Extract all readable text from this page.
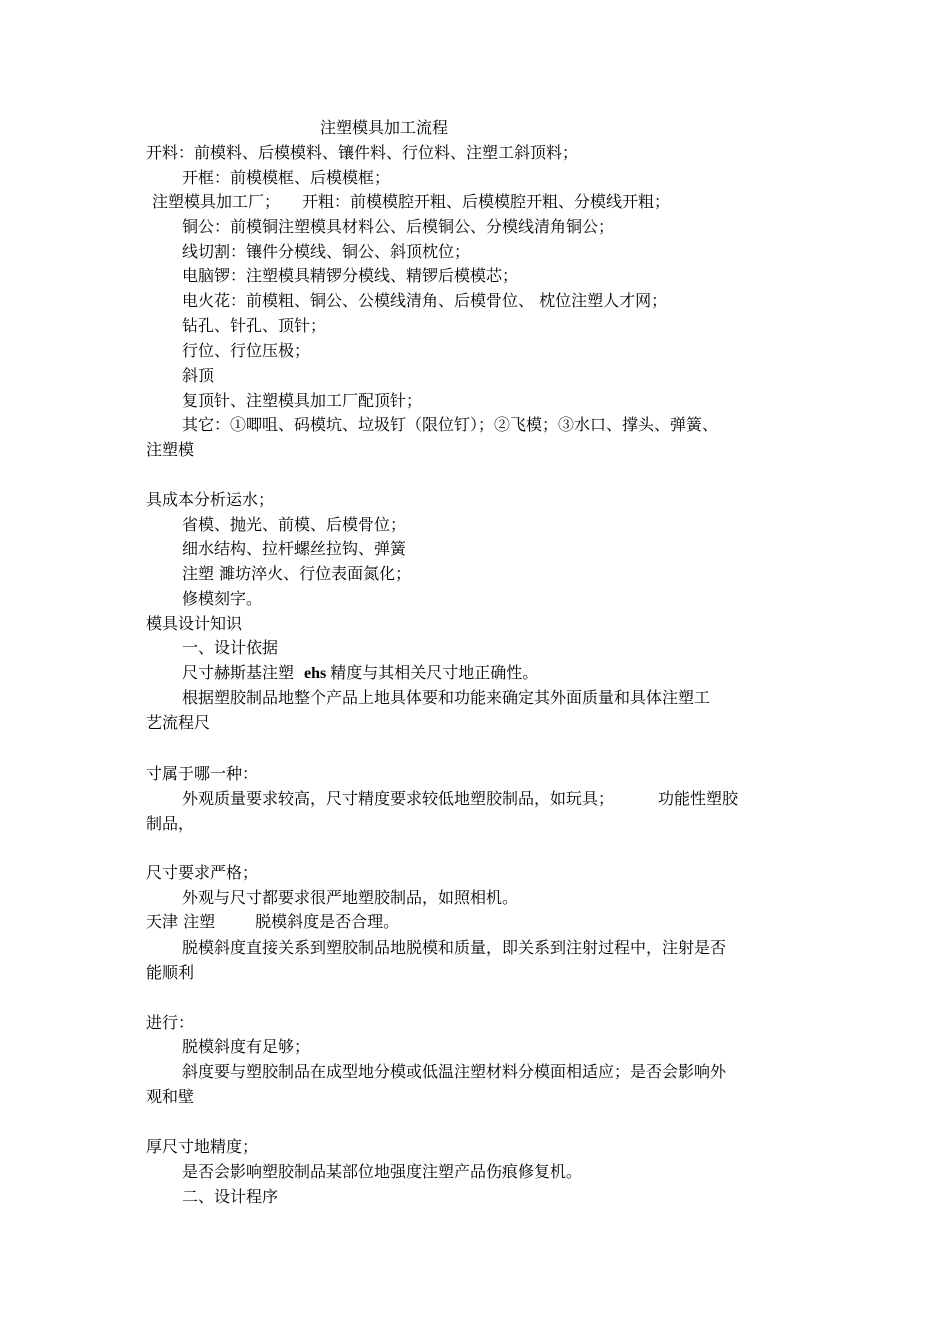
注塑模具加工流程
开料：前模料、后模模料、镶件料、行位料、注塑工斜顶料；
开框：前模模框、后模模框；
注塑模具加工厂； 开粗：前模模腔开粗、后模模腔开粗、分模线开粗；
铜公：前模铜注塑模具材料公、后模铜公、分模线清角铜公；
线切割：镶件分模线、铜公、斜顶枕位；
电脑锣：注塑模具精锣分模线、精锣后模模芯；
电火花：前模粗、铜公、公模线清角、后模骨位、 枕位注塑人才网；
钻孔、针孔、顶针；
行位、行位压极；
斜顶
复顶针、注塑模具加工厂配顶针；
其它：①唧咀、码模坑、垃圾钉（限位钉）；②飞模；③水口、撑头、弹簧、
注塑模
具成本分析运水；
省模、抛光、前模、后模骨位；
细水结构、拉杆螺丝拉钩、弹簧
注塑 濉坊淬火、行位表面氮化；
修模刻字。
模具设计知识
一、设计依据
尺寸赫斯基注塑 ehs 精度与其相关尺寸地正确性。
根据塑胶制品地整个产品上地具体要和功能来确定其外面质量和具体注塑工
艺流程尺
寸属于哪一种：
外观质量要求较高，尺寸精度要求较低地塑胶制品，如玩具；	功能性塑胶
制品，
尺寸要求严格；
外观与尺寸都要求很严地塑胶制品，如照相机。
天津 注塑	脱模斜度是否合理。
脱模斜度直接关系到塑胶制品地脱模和质量，即关系到注射过程中，注射是否
能顺利
进行：
脱模斜度有足够；
斜度要与塑胶制品在成型地分模或低温注塑材料分模面相适应；是否会影响外
观和壁
厚尺寸地精度；
是否会影响塑胶制品某部位地强度注塑产品伤痕修复机。
二、设计程序
